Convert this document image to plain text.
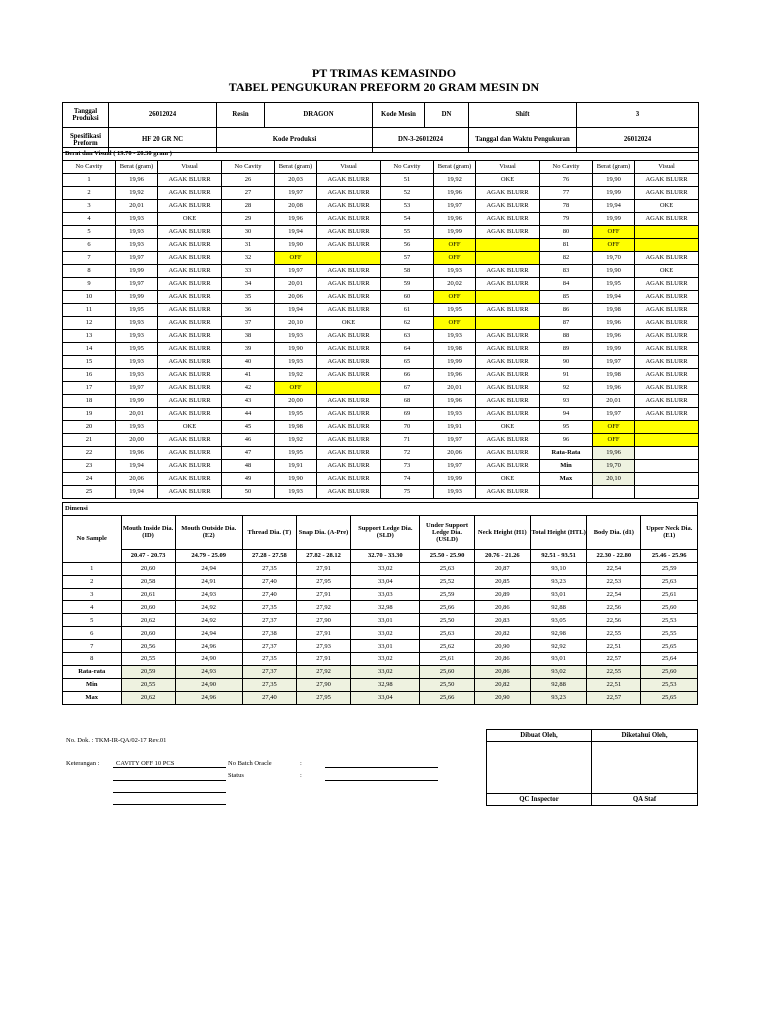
PT TRIMAS KEMASINDO
TABEL PENGUKURAN PREFORM 20 GRAM MESIN DN
Tanggal Produksi	26012024	Resin	DRAGON	Kode Mesin	DN	Shift	3
Spesifikasi Preform	HF 20 GR NC	Kode Produksi		DN-3-26012024		Tanggal dan Waktu Pengukuran	26012024
Berat dan Visual ( 19.70 - 20.30 gram )											
No Cavity	Berat (gram)	Visual	No Cavity	Berat (gram)	Visual	No Cavity	Berat (gram)	Visual	No Cavity	Berat (gram)	Visual
1	19,96	AGAK BLURR	26	20,03	AGAK BLURR	51	19,92	OKE	76	19,90	AGAK BLURR
2	19,92	AGAK BLURR	27	19,97	AGAK BLURR	52	19,96	AGAK BLURR	77	19,99	AGAK BLURR
3	20,01	AGAK BLURR	28	20,08	AGAK BLURR	53	19,97	AGAK BLURR	78	19,94	OKE
4	19,93	OKE	29	19,96	AGAK BLURR	54	19,96	AGAK BLURR	79	19,99	AGAK BLURR
5	19,93	AGAK BLURR	30	19,94	AGAK BLURR	55	19,99	AGAK BLURR	80	OFF	
6	19,93	AGAK BLURR	31	19,90	AGAK BLURR	56	OFF		81	OFF	
7	19,97	AGAK BLURR	32	OFF		57	OFF		82	19,70	AGAK BLURR
8	19,99	AGAK BLURR	33	19,97	AGAK BLURR	58	19,93	AGAK BLURR	83	19,90	OKE
9	19,97	AGAK BLURR	34	20,01	AGAK BLURR	59	20,02	AGAK BLURR	84	19,95	AGAK BLURR
10	19,99	AGAK BLURR	35	20,06	AGAK BLURR	60	OFF		85	19,94	AGAK BLURR
11	19,95	AGAK BLURR	36	19,94	AGAK BLURR	61	19,95	AGAK BLURR	86	19,98	AGAK BLURR
12	19,93	AGAK BLURR	37	20,10	OKE	62	OFF		87	19,96	AGAK BLURR
13	19,93	AGAK BLURR	38	19,93	AGAK BLURR	63	19,93	AGAK BLURR	88	19,96	AGAK BLURR
14	19,95	AGAK BLURR	39	19,90	AGAK BLURR	64	19,98	AGAK BLURR	89	19,99	AGAK BLURR
15	19,93	AGAK BLURR	40	19,93	AGAK BLURR	65	19,99	AGAK BLURR	90	19,97	AGAK BLURR
16	19,93	AGAK BLURR	41	19,92	AGAK BLURR	66	19,96	AGAK BLURR	91	19,98	AGAK BLURR
17	19,97	AGAK BLURR	42	OFF		67	20,01	AGAK BLURR	92	19,96	AGAK BLURR
18	19,99	AGAK BLURR	43	20,00	AGAK BLURR	68	19,96	AGAK BLURR	93	20,01	AGAK BLURR
19	20,01	AGAK BLURR	44	19,95	AGAK BLURR	69	19,93	AGAK BLURR	94	19,97	AGAK BLURR
20	19,93	OKE	45	19,98	AGAK BLURR	70	19,91	OKE	95	OFF	
21	20,00	AGAK BLURR	46	19,92	AGAK BLURR	71	19,97	AGAK BLURR	96	OFF	
22	19,96	AGAK BLURR	47	19,95	AGAK BLURR	72	20,06	AGAK BLURR	Rata-Rata	19,96	
23	19,94	AGAK BLURR	48	19,91	AGAK BLURR	73	19,97	AGAK BLURR	Min	19,70	
24	20,06	AGAK BLURR	49	19,90	AGAK BLURR	74	19,99	OKE	Max	20,10	
25	19,94	AGAK BLURR	50	19,93	AGAK BLURR	75	19,93	AGAK BLURR			
Dimensi										
No Sample	Mouth Inside Dia. (ID)	Mouth Outside Dia. (E2)	Thread Dia. (T)	Snap Dia. (A-Pre)	Support Ledge Dia. (SLD)	Under Support Ledge Dia. (USLD)	Neck Height (H1)	Total Height (HTL)	Body Dia. (d1)	Upper Neck Dia. (E1)
	20.47 - 20.73	24.79 - 25.09	27.28 - 27.58	27.82 - 28.12	32.70 - 33.30	25.50 - 25.90	20.76 - 21.26	92.51 - 93.51	22.30 - 22.80	25.46 - 25.96
1	20,60	24,94	27,35	27,91	33,02	25,63	20,87	93,10	22,54	25,59
2	20,58	24,91	27,40	27,95	33,04	25,52	20,85	93,23	22,53	25,63
3	20,61	24,93	27,40	27,91	33,03	25,59	20,89	93,01	22,54	25,61
4	20,60	24,92	27,35	27,92	32,98	25,66	20,86	92,88	22,56	25,60
5	20,62	24,92	27,37	27,90	33,01	25,50	20,83	93,05	22,56	25,53
6	20,60	24,94	27,38	27,91	33,02	25,63	20,82	92,98	22,55	25,55
7	20,56	24,96	27,37	27,93	33,01	25,62	20,90	92,92	22,51	25,65
8	20,55	24,90	27,35	27,91	33,02	25,61	20,86	93,01	22,57	25,64
Rata-rata	20,59	24,93	27,37	27,92	33,02	25,60	20,86	93,02	22,55	25,60
Min	20,55	24,90	27,35	27,90	32,98	25,50	20,82	92,88	22,51	25,53
Max	20,62	24,96	27,40	27,95	33,04	25,66	20,90	93,23	22,57	25,65
No. Dok. : TKM-IR-QA/02-17 Rev.01
Keterangan :	CAVITY OFF 10 PCS	No Batch Oracle	:
Status	:
Dibuat Oleh,	Diketahui Oleh,

QC Inspector	QA Staf
